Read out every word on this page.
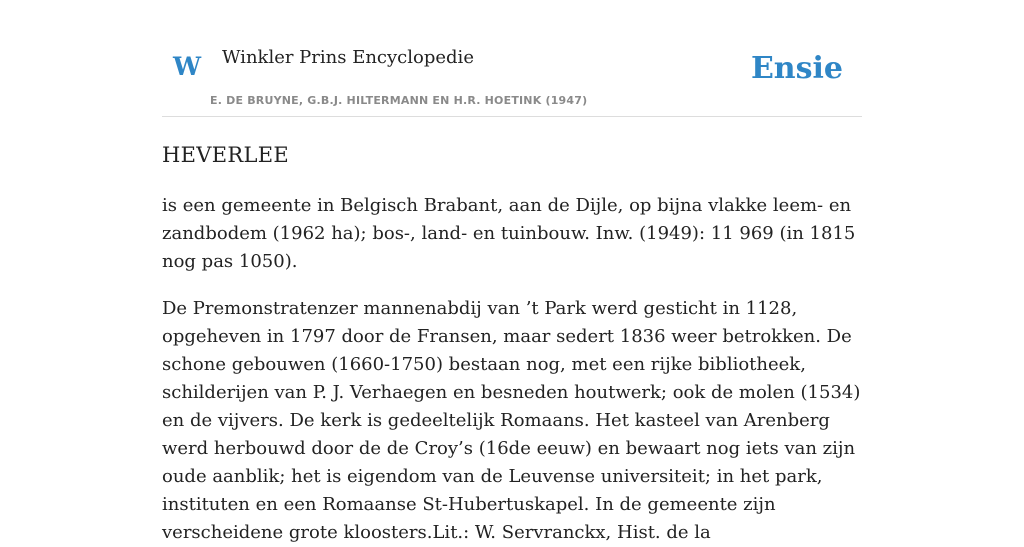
W Winkler Prins Encyclopedie
E. DE BRUYNE, G.B.J. HILTERMANN EN H.R. HOETINK (1947)
Ensie
HEVERLEE

is een gemeente in Belgisch Brabant, aan de Dijle, op bijna vlakke leem- en zandbodem (1962 ha); bos-, land- en tuinbouw. Inw. (1949): 11 969 (in 1815 nog pas 1050).

De Premonstratenzer mannenabdij van ’t Park werd gesticht in 1128, opgeheven in 1797 door de Fransen, maar sedert 1836 weer betrokken. De schone gebouwen (1660-1750) bestaan nog, met een rijke bibliotheek, schilderijen van P. J. Verhaegen en besneden houtwerk; ook de molen (1534) en de vijvers. De kerk is gedeeltelijk Romaans. Het kasteel van Arenberg werd herbouwd door de de Croy’s (16de eeuw) en bewaart nog iets van zijn oude aanblik; het is eigendom van de Leuvense universiteit; in het park, instituten en een Romaanse St-Hubertuskapel. In de gemeente zijn verscheidene grote kloosters.Lit.: W. Servranckx, Hist. de la
